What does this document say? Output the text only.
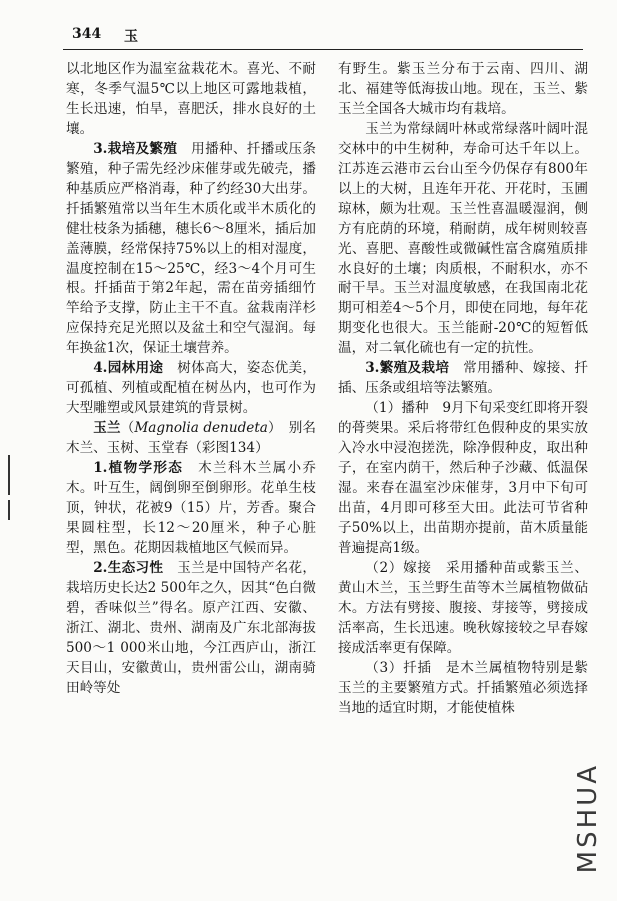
344 玉

以北地区作为温室盆栽花木。喜光、不耐寒，冬季气温5℃以上地区可露地栽植，生长迅速，怕旱，喜肥沃，排水良好的土壤。

3.栽培及繁殖　 用播种、扦播或压条繁殖，种子需先经沙床催芽或先破壳，播种基质应严格消毒，种了约经30大出芽。扦插繁殖常以当年生木质化或半木质化的健壮枝条为插穗，穗长6～8厘米，插后加盖薄膜，经常保持75%以上的相对湿度，温度控制在15～25℃，经3～4个月可生根。扦插苗于第2年起，需在苗旁插细竹竿给予支撑，防止主干不直。盆栽南洋杉应保持充足光照以及盆土和空气湿润。每年换盆1次，保证土壤营养。

4.园林用途　 树体高大，姿态优美，可孤植、列植或配植在树丛内，也可作为大型雕塑或风景建筑的背景树。

玉兰（Magnolia denudeta）　别名木兰、玉树、玉堂春（彩图134）

1.植物学形态　 木兰科木兰属小乔木。叶互生，阔倒卵至倒卵形。花单生枝顶，钟状，花被9（15）片，芳香。聚合果圆柱型，长12～20厘米，种子心脏型，黑色。花期因栽植地区气候而异。

2.生态习性　 玉兰是中国特产名花，栽培历史长达2 500年之久，因其“色白微碧，香味似兰”得名。原产江西、安徽、浙江、湖北、贵州、湖南及广东北部海拔500～1 000米山地，今江西庐山，浙江天目山，安徽黄山，贵州雷公山，湖南骑田岭等处

有野生。紫玉兰分布于云南、四川、湖北、福建等低海拔山地。现在，玉兰、紫玉兰全国各大城市均有栽培。

玉兰为常绿阔叶林或常绿落叶阔叶混交林中的中生树种，寿命可达千年以上。江苏连云港市云台山至今仍保存有800年以上的大树，且连年开花、开花时，玉圃琼林，颇为壮观。玉兰性喜温暖湿润，侧方有庇荫的环境，稍耐荫，成年树则较喜光、喜肥、喜酸性或微碱性富含腐殖质排水良好的土壤；肉质根，不耐积水，亦不耐干旱。玉兰对温度敏感，在我国南北花期可相差4～5个月，即使在同地，每年花期变化也很大。玉兰能耐-20℃的短暂低温，对二氧化硫也有一定的抗性。

3.繁殖及栽培　 常用播种、嫁接、扦插、压条或组培等法繁殖。

（1）播种　 9月下旬采变红即将开裂的蓇葖果。采后将带红色假种皮的果实放入冷水中浸泡搓洗，除净假种皮，取出种子，在室内荫干，然后种子沙藏、低温保湿。来春在温室沙床催芽，3月中下旬可出苗，4月即可移至大田。此法可节省种子50%以上，出苗期亦提前，苗木质量能普遍提高1级。

（2）嫁接　 采用播种苗或紫玉兰、黄山木兰，玉兰野生苗等木兰属植物做砧木。方法有劈接、腹接、芽接等，劈接成活率高，生长迅速。晚秋嫁接较之早春嫁接成活率更有保障。

（3）扦插　 是木兰属植物特别是紫玉兰的主要繁殖方式。扦插繁殖必须选择当地的适宜时期，才能使植株

MSHUA
